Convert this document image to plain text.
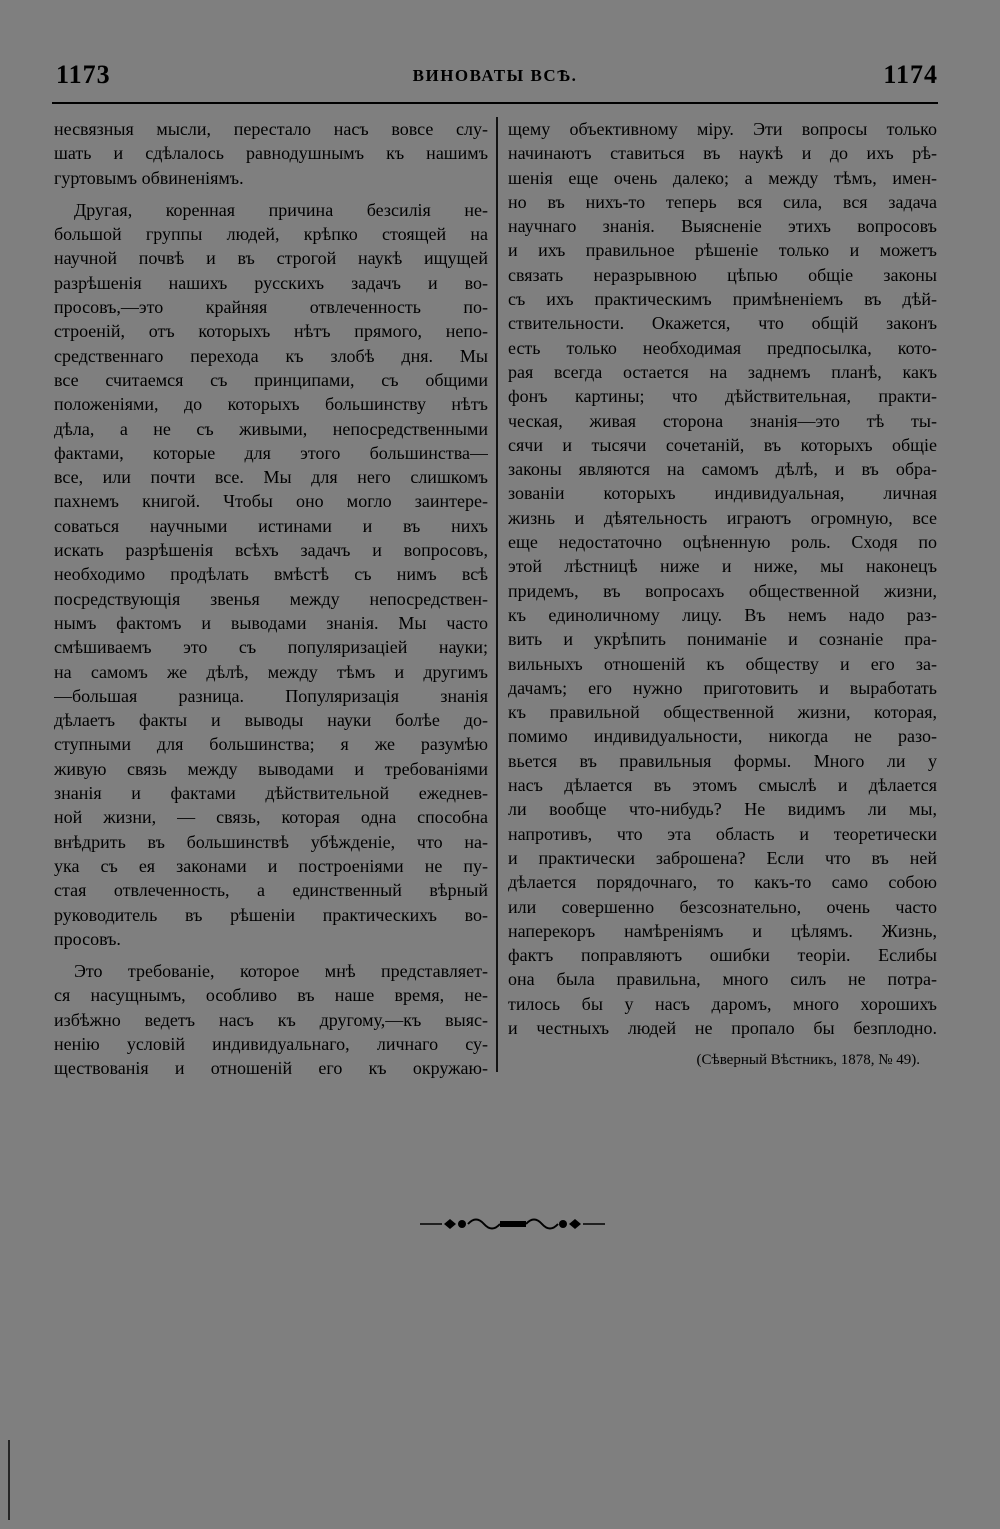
1173	ВИНОВАТЫ ВСѢ.	1174
несвязныя мысли, перестало насъ вовсе слу-
шать и сдѣлалось равнодушнымъ къ нашимъ
гуртовымъ обвиненіямъ.
Другая, коренная причина безсилія не-
большой группы людей, крѣпко стоящей на
научной почвѣ и въ строгой наукѣ ищущей
разрѣшенія нашихъ русскихъ задачъ и во-
просовъ,—это крайняя отвлеченность по-
строеній, отъ которыхъ нѣтъ прямого, непо-
средственнаго перехода къ злобѣ дня. Мы
все считаемся съ принципами, съ общими
положеніями, до которыхъ большинству нѣтъ
дѣла, а не съ живыми, непосредственными
фактами, которые для этого большинства—
все, или почти все. Мы для него слишкомъ
пахнемъ книгой. Чтобы оно могло заинтере-
соваться научными истинами и въ нихъ
искать разрѣшенія всѣхъ задачъ и вопросовъ,
необходимо продѣлать вмѣстѣ съ нимъ всѣ
посредствующія звенья между непосредствен-
нымъ фактомъ и выводами знанія. Мы часто
смѣшиваемъ это съ популяризаціей науки;
на самомъ же дѣлѣ, между тѣмъ и другимъ
—большая разница. Популяризація знанія
дѣлаетъ факты и выводы науки болѣе до-
ступными для большинства; я же разумѣю
живую связь между выводами и требованіями
знанія и фактами дѣйствительной ежеднев-
ной жизни, — связь, которая одна способна
внѣдрить въ большинствѣ убѣжденіе, что на-
ука съ ея законами и построеніями не пу-
стая отвлеченность, а единственный вѣрный
руководитель въ рѣшеніи практическихъ во-
просовъ.
Это требованіе, которое мнѣ представляет-
ся насущнымъ, особливо въ наше время, не-
избѣжно ведетъ насъ къ другому,—къ выяс-
ненію условій индивидуальнаго, личнаго су-
ществованія и отношеній его къ окружаю-
щему объективному міру. Эти вопросы только
начинаютъ ставиться въ наукѣ и до ихъ рѣ-
шенія еще очень далеко; а между тѣмъ, имен-
но въ нихъ-то теперь вся сила, вся задача
научнаго знанія. Выясненіе этихъ вопросовъ
и ихъ правильное рѣшеніе только и можетъ
связать неразрывною цѣпью общіе законы
съ ихъ практическимъ примѣненіемъ въ дѣй-
ствительности. Окажется, что общій законъ
есть только необходимая предпосылка, кото-
рая всегда остается на заднемъ планѣ, какъ
фонъ картины; что дѣйствительная, практи-
ческая, живая сторона знанія—это тѣ ты-
сячи и тысячи сочетаній, въ которыхъ общіе
законы являются на самомъ дѣлѣ, и въ обра-
зованіи которыхъ индивидуальная, личная
жизнь и дѣятельность играютъ огромную, все
еще недостаточно оцѣненную роль. Сходя по
этой лѣстницѣ ниже и ниже, мы наконецъ
придемъ, въ вопросахъ общественной жизни,
къ единоличному лицу. Въ немъ надо раз-
вить и укрѣпить пониманіе и сознаніе пра-
вильныхъ отношеній къ обществу и его за-
дачамъ; его нужно приготовить и выработать
къ правильной общественной жизни, которая,
помимо индивидуальности, никогда не разо-
вьется въ правильныя формы. Много ли у
насъ дѣлается въ этомъ смыслѣ и дѣлается
ли вообще что-нибудь? Не видимъ ли мы,
напротивъ, что эта область и теоретически
и практически заброшена? Если что въ ней
дѣлается порядочнаго, то какъ-то само собою
или совершенно безсознательно, очень часто
наперекоръ намѣреніямъ и цѣлямъ. Жизнь,
фактъ поправляютъ ошибки теоріи. Еслибы
она была правильна, много силъ не потра-
тилось бы у насъ даромъ, много хорошихъ
и честныхъ людей не пропало бы безплодно.
(Сѣверный Вѣстникъ, 1878, № 49).
